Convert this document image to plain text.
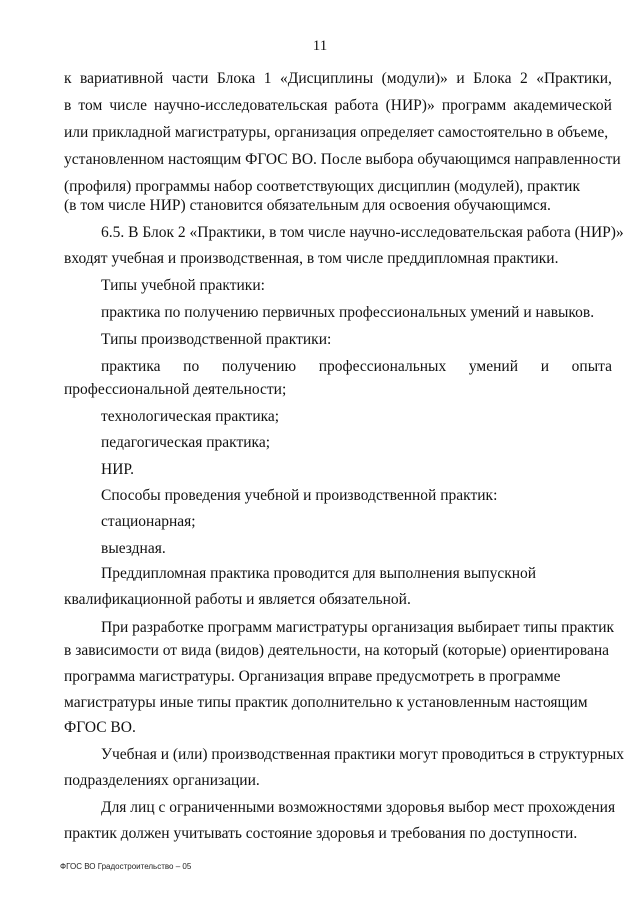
11
к вариативной части Блока 1 «Дисциплины (модули)» и Блока 2 «Практики,
в том числе научно-исследовательская работа (НИР)» программ академической
или прикладной магистратуры, организация определяет самостоятельно в объеме,
установленном настоящим ФГОС ВО. После выбора обучающимся направленности
(профиля) программы набор соответствующих дисциплин (модулей), практик
(в том числе НИР) становится обязательным для освоения обучающимся.
6.5. В Блок 2 «Практики, в том числе научно-исследовательская работа (НИР)»
входят учебная и производственная, в том числе преддипломная практики.
Типы учебной практики:
практика по получению первичных профессиональных умений и навыков.
Типы производственной практики:
практика по получению профессиональных умений и опыта
профессиональной деятельности;
технологическая практика;
педагогическая практика;
НИР.
Способы проведения учебной и производственной практик:
стационарная;
выездная.
Преддипломная практика проводится для выполнения выпускной
квалификационной работы и является обязательной.
При разработке программ магистратуры организация выбирает типы практик
в зависимости от вида (видов) деятельности, на который (которые) ориентирована
программа магистратуры. Организация вправе предусмотреть в программе
магистратуры иные типы практик дополнительно к установленным настоящим
ФГОС ВО.
Учебная и (или) производственная практики могут проводиться в структурных
подразделениях организации.
Для лиц с ограниченными возможностями здоровья выбор мест прохождения
практик должен учитывать состояние здоровья и требования по доступности.
ФГОС ВО Градостроительство – 05
